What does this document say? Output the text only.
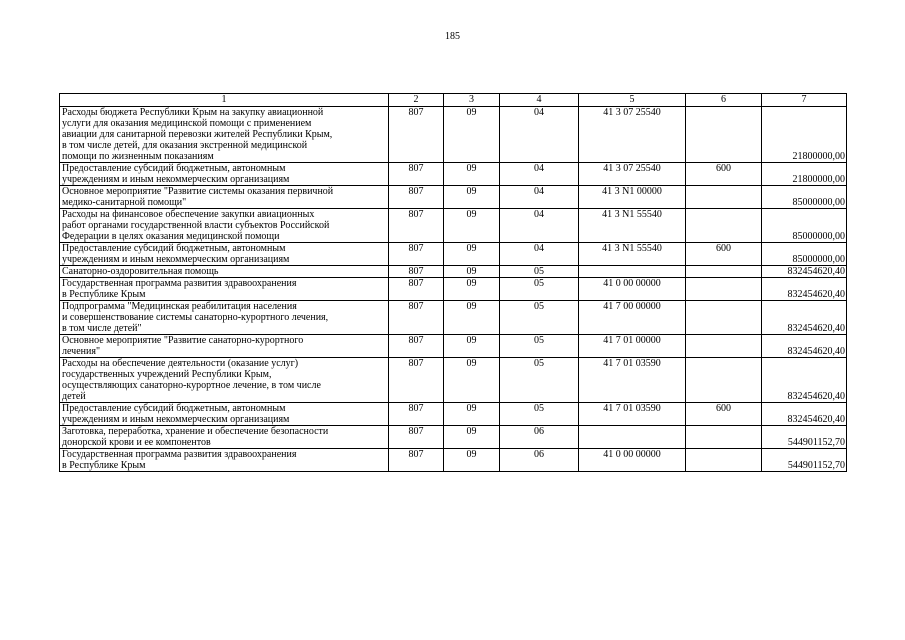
185
1	2	3	4	5	6	7

Расходы бюджета Республики Крым на закупку авиационной
услуги для оказания медицинской помощи с применением
авиации для санитарной перевозки жителей Республики Крым,
в том числе детей, для оказания экстренной медицинской
помощи по жизненным показаниям	807	09	04	41 3 07 25540		21800000,00

Предоставление субсидий бюджетным, автономным
учреждениям и иным некоммерческим организациям	807	09	04	41 3 07 25540	600	21800000,00

Основное мероприятие "Развитие системы оказания первичной
медико-санитарной помощи"	807	09	04	41 3 N1 00000		85000000,00

Расходы на финансовое обеспечение закупки авиационных
работ органами государственной власти субъектов Российской
Федерации в целях оказания медицинской помощи	807	09	04	41 3 N1 55540		85000000,00

Предоставление субсидий бюджетным, автономным
учреждениям и иным некоммерческим организациям	807	09	04	41 3 N1 55540	600	85000000,00

Санаторно-оздоровительная помощь	807	09	05			832454620,40

Государственная программа развития здравоохранения
в Республике Крым	807	09	05	41 0 00 00000		832454620,40

Подпрограмма "Медицинская реабилитация населения
и совершенствование системы санаторно-курортного лечения,
в том числе детей"	807	09	05	41 7 00 00000		832454620,40

Основное мероприятие "Развитие санаторно-курортного
лечения"	807	09	05	41 7 01 00000		832454620,40

Расходы на обеспечение деятельности (оказание услуг)
государственных учреждений Республики Крым,
осуществляющих санаторно-курортное лечение, в том числе
детей	807	09	05	41 7 01 03590		832454620,40

Предоставление субсидий бюджетным, автономным
учреждениям и иным некоммерческим организациям	807	09	05	41 7 01 03590	600	832454620,40

Заготовка, переработка, хранение и обеспечение безопасности
донорской крови и ее компонентов	807	09	06			544901152,70

Государственная программа развития здравоохранения
в Республике Крым	807	09	06	41 0 00 00000		544901152,70
